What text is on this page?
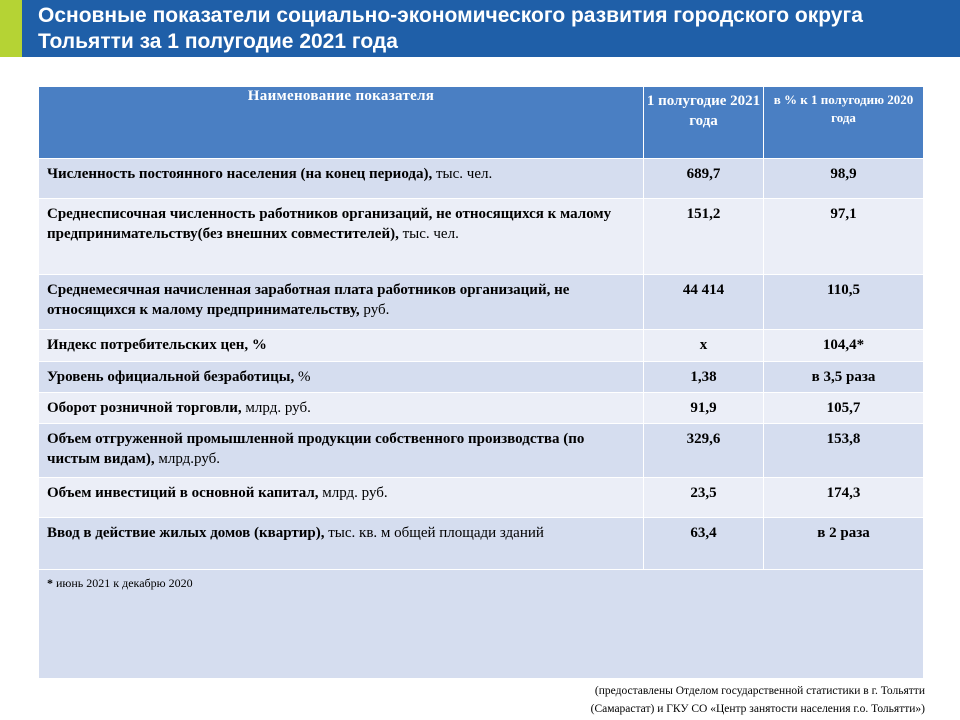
Основные показатели социально-экономического развития городского округа Тольятти за 1 полугодие 2021 года
Наименование показателя	1 полугодие 2021 года	в % к 1 полугодию 2020 года
Численность постоянного населения (на конец периода), тыс. чел.	689,7	98,9
Среднесписочная численность работников организаций, не относящихся к малому предпринимательству(без внешних совместителей), тыс. чел.	151,2	97,1
Среднемесячная начисленная заработная плата работников организаций, не относящихся к малому предпринимательству, руб.	44 414	110,5
Индекс потребительских цен, %	х	104,4*
Уровень официальной безработицы, %	1,38	в 3,5 раза
Оборот розничной торговли, млрд. руб.	91,9	105,7
Объем отгруженной промышленной продукции собственного производства (по чистым видам), млрд.руб.	329,6	153,8
Объем инвестиций в основной капитал, млрд. руб.	23,5	174,3
Ввод в действие жилых домов (квартир), тыс. кв. м общей площади зданий	63,4	в 2 раза
* июнь 2021 к декабрю 2020		
(предоставлены Отделом государственной статистики в г. Тольятти
(Самарастат) и ГКУ СО «Центр занятости населения г.о. Тольятти»)
